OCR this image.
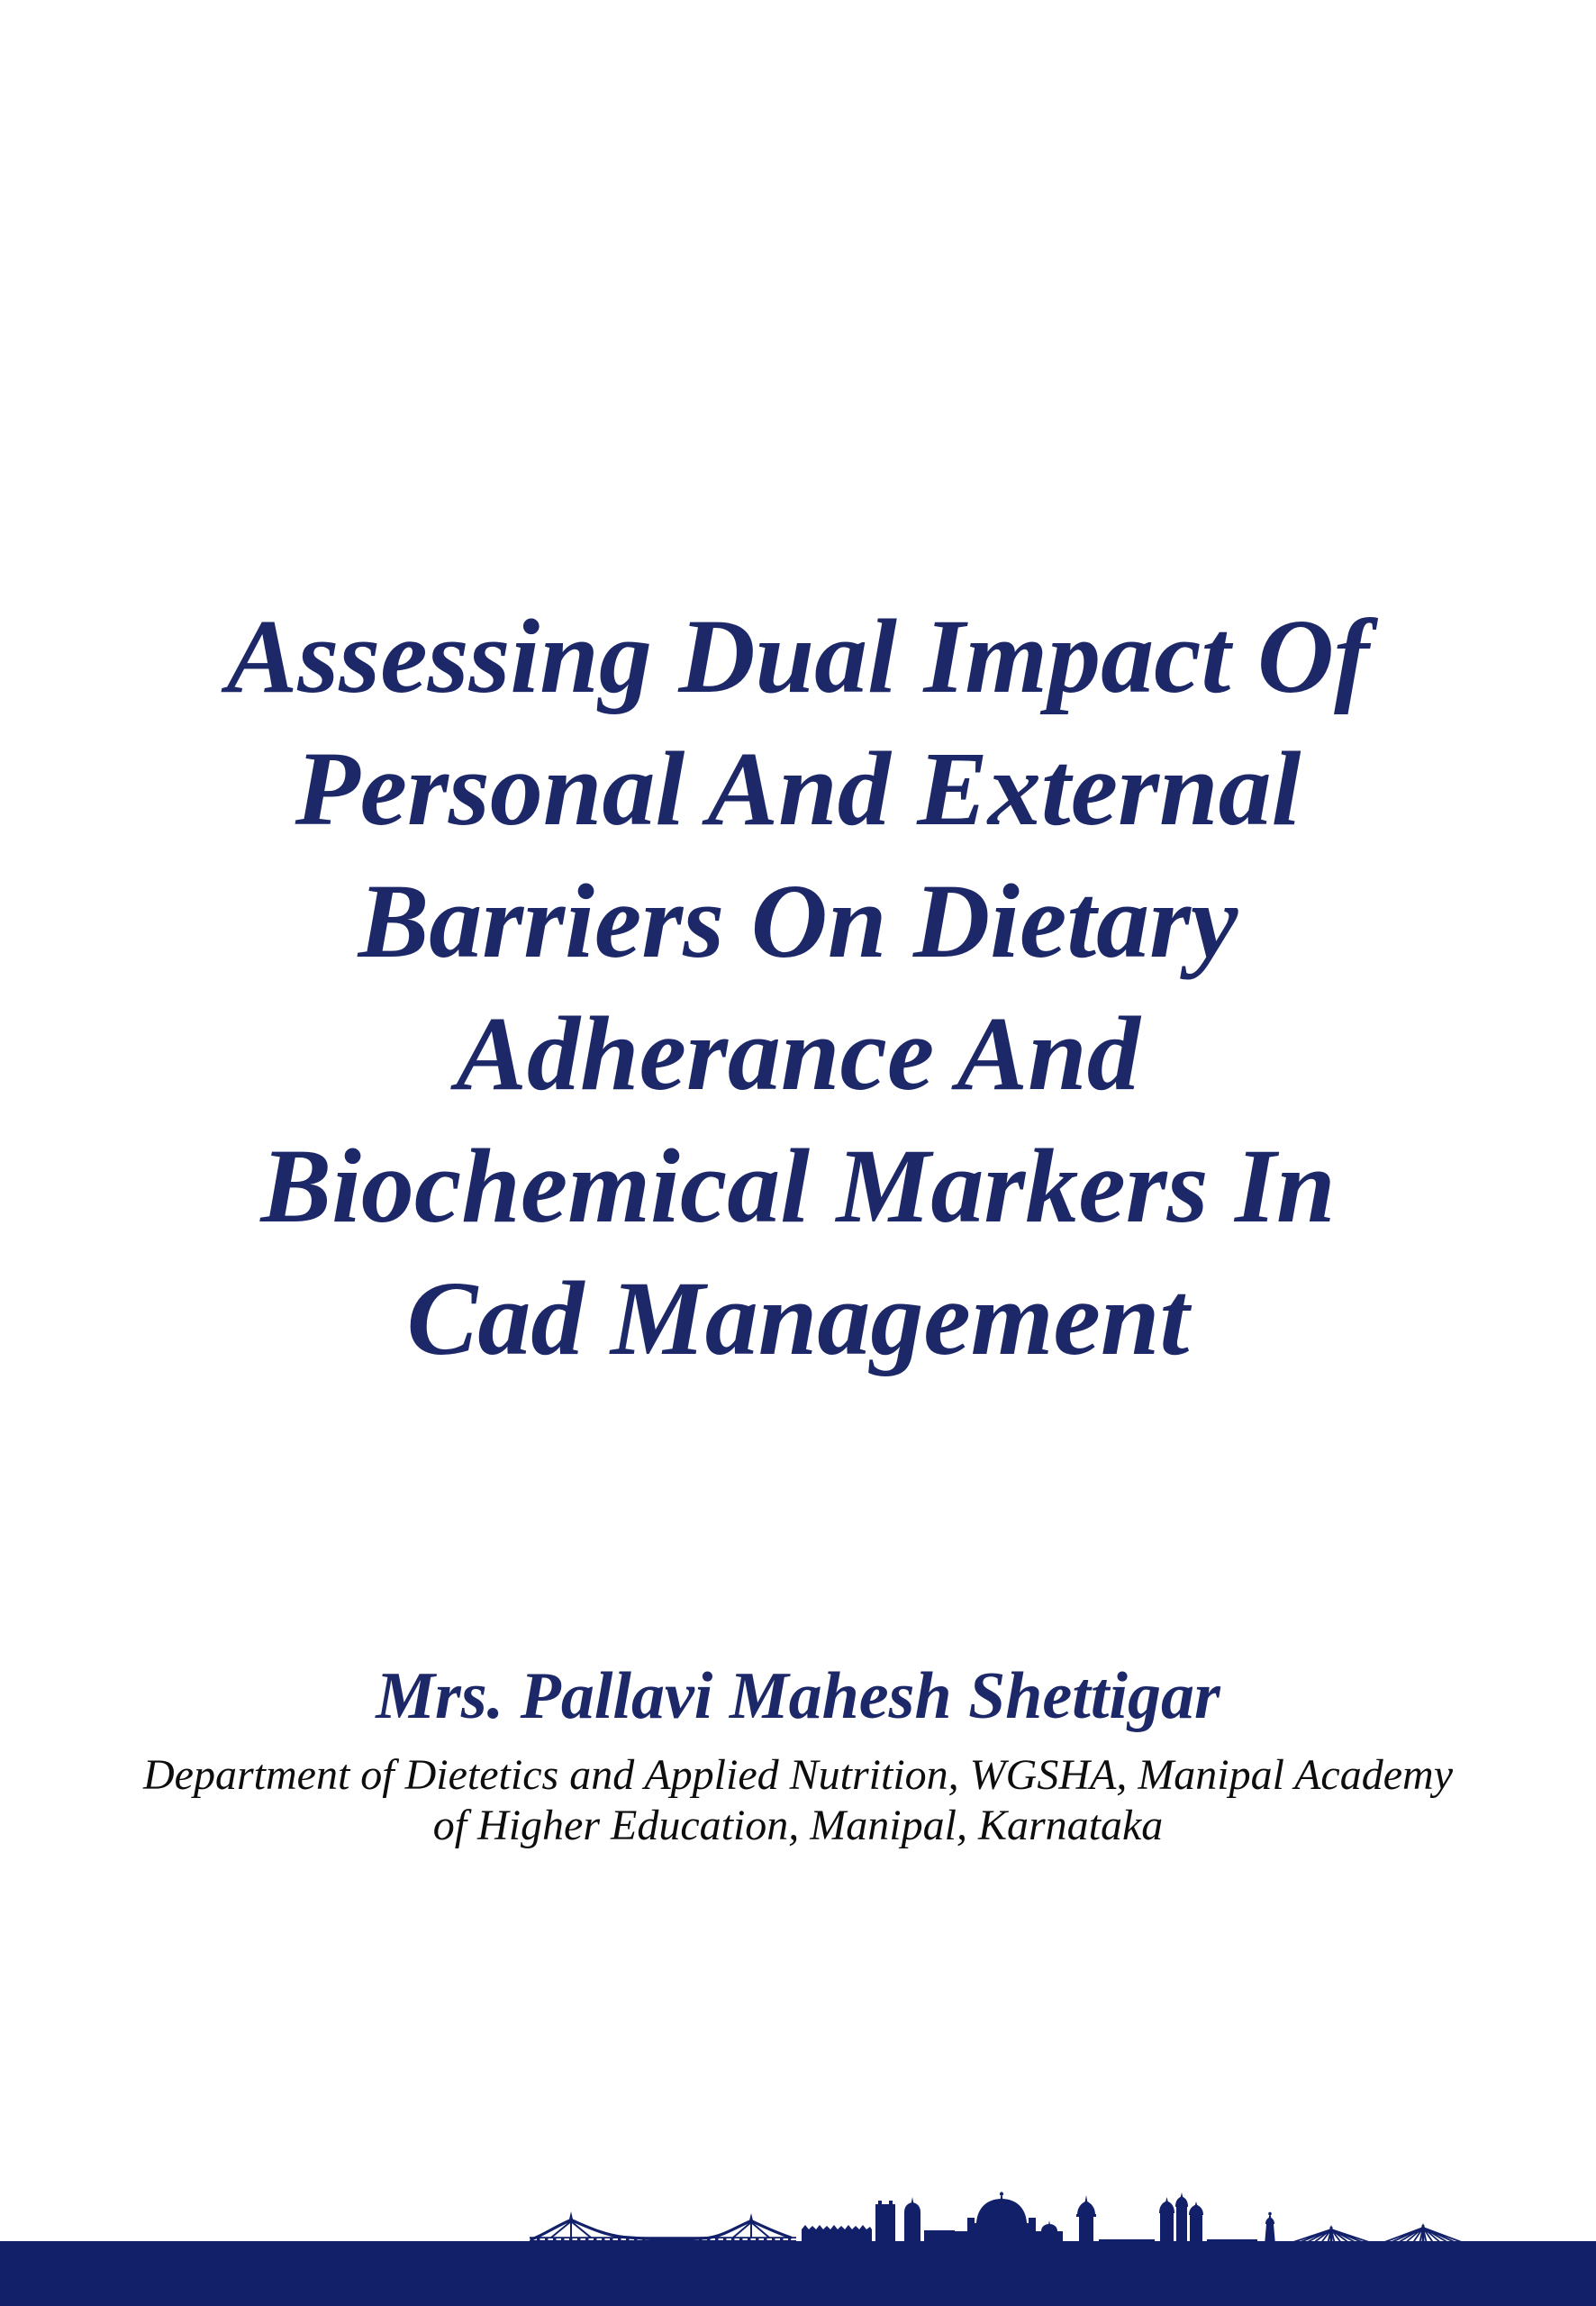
Assessing Dual Impact Of
Personal And External
Barriers On Dietary
Adherance And
Biochemical Markers In
Cad Management
Mrs. Pallavi Mahesh Shettigar
Department of Dietetics and Applied Nutrition, WGSHA, Manipal Academy
of Higher Education, Manipal, Karnataka
